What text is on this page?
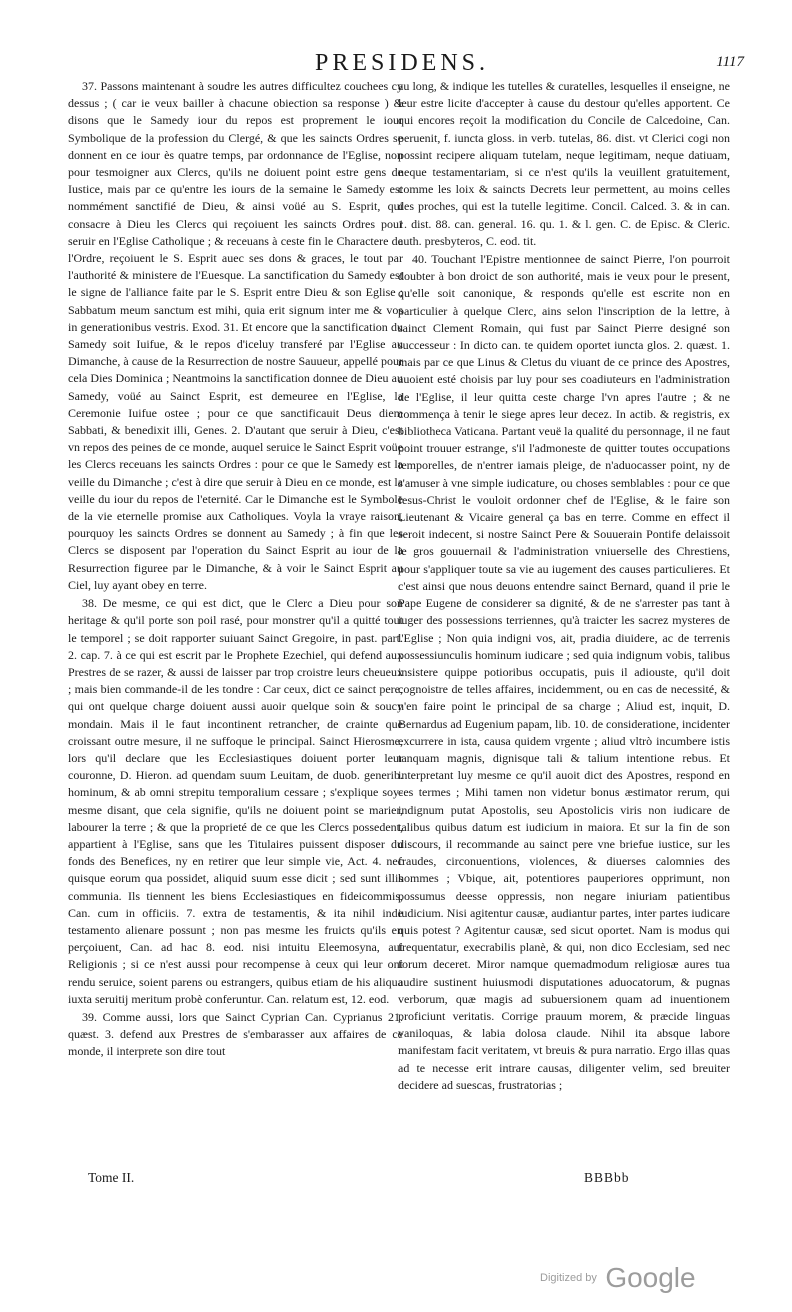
PRESIDENS.	1117

37. Passons maintenant à soudre les autres difficultez couchees cy dessus ; ( car ie veux bailler à chacune obiection sa response ) & disons que le Samedy iour du repos est proprement le iour Symbolique de la profession du Clergé, & que les saincts Ordres se donnent en ce iour ès quatre temps, par ordonnance de l'Eglise, non pour tesmoigner aux Clercs, qu'ils ne doiuent point estre gens de Iustice, mais par ce qu'entre les iours de la semaine le Samedy est nommément sanctifié de Dieu, & ainsi voüé au S. Esprit, qui consacre à Dieu les Clercs qui reçoiuent les saincts Ordres pour seruir en l'Eglise Catholique ; & receuans à ceste fin le Charactere de l'Ordre, reçoiuent le S. Esprit auec ses dons & graces, le tout par l'authorité & ministere de l'Euesque. La sanctification du Samedy est le signe de l'alliance faite par le S. Esprit entre Dieu & son Eglise ; Sabbatum meum sanctum est mihi, quia erit signum inter me & vos in generationibus vestris. Exod. 31. Et encore que la sanctification du Samedy soit Iuifue, & le repos d'iceluy transferé par l'Eglise au Dimanche, à cause de la Resurrection de nostre Sauueur, appellé pour cela Dies Dominica ; Neantmoins la sanctification donnee de Dieu au Samedy, voüé au Sainct Esprit, est demeuree en l'Eglise, la Ceremonie Iuifue ostee ; pour ce que sanctificauit Deus diem Sabbati, & benedixit illi, Genes. 2. D'autant que seruir à Dieu, c'est vn repos des peines de ce monde, auquel seruice le Sainct Esprit voüe les Clercs receuans les saincts Ordres : pour ce que le Samedy est la veille du Dimanche ; c'est à dire que seruir à Dieu en ce monde, est la veille du iour du repos de l'eternité. Car le Dimanche est le Symbole de la vie eternelle promise aux Catholiques. Voyla la vraye raison, pourquoy les saincts Ordres se donnent au Samedy ; à fin que les Clercs se disposent par l'operation du Sainct Esprit au iour de la Resurrection figuree par le Dimanche, & à voir le Sainct Esprit au Ciel, luy ayant obey en terre.

38. De mesme, ce qui est dict, que le Clerc a Dieu pour son heritage & qu'il porte son poil rasé, pour monstrer qu'il a quitté tout le temporel ; se doit rapporter suiuant Sainct Gregoire, in past. part. 2. cap. 7. à ce qui est escrit par le Prophete Ezechiel, qui defend aux Prestres de se razer, & aussi de laisser par trop croistre leurs cheueux ; mais bien commande-il de les tondre : Car ceux, dict ce sainct pere, qui ont quelque charge doiuent aussi auoir quelque soin & soucy mondain. Mais il le faut incontinent retrancher, de crainte que croissant outre mesure, il ne suffoque le principal. Sainct Hierosme, lors qu'il declare que les Ecclesiastiques doiuent porter leur couronne, D. Hieron. ad quendam suum Leuitam, de duob. generib. hominum, & ab omni strepitu temporalium cessare ; s'explique soy-mesme disant, que cela signifie, qu'ils ne doiuent point se marier, labourer la terre ; & que la proprieté de ce que les Clercs possedent, appartient à l'Eglise, sans que les Titulaires puissent disposer du fonds des Benefices, ny en retirer que leur simple vie, Act. 4. nec quisque eorum qua possidet, aliquid suum esse dicit ; sed sunt illis communia. Ils tiennent les biens Ecclesiastiques en fideicommis, Can. cum in officiis. 7. extra de testamentis, & ita nihil inde testamento alienare possunt ; non pas mesme les fruicts qu'ils en perçoiuent, Can. ad hac 8. eod. nisi intuitu Eleemosyna, aut Religionis ; si ce n'est aussi pour recompense à ceux qui leur ont rendu seruice, soient parens ou estrangers, quibus etiam de his aliqua iuxta seruitij meritum probè conferuntur. Can. relatum est, 12. eod.

39. Comme aussi, lors que Sainct Cyprian Can. Cyprianus 21. quæst. 3. defend aux Prestres de s'embarasser aux affaires de ce monde, il interprete son dire tout

au long, & indique les tutelles & curatelles, lesquelles il enseigne, ne leur estre licite d'accepter à cause du destour qu'elles apportent. Ce qui encores reçoit la modification du Concile de Calcedoine, Can. peruenit, f. iuncta gloss. in verb. tutelas, 86. dist. vt Clerici cogi non possint recipere aliquam tutelam, neque legitimam, neque datiuam, neque testamentariam, si ce n'est qu'ils la veuillent gratuitement, comme les loix & saincts Decrets leur permettent, au moins celles des proches, qui est la tutelle legitime. Concil. Calced. 3. & in can. 1. dist. 88. can. general. 16. qu. 1. & l. gen. C. de Episc. & Cleric. auth. presbyteros, C. eod. tit.

40. Touchant l'Epistre mentionnee de sainct Pierre, l'on pourroit doubter à bon droict de son authorité, mais ie veux pour le present, qu'elle soit canonique, & responds qu'elle est escrite non en particulier à quelque Clerc, ains selon l'inscription de la lettre, à sainct Clement Romain, qui fust par Sainct Pierre designé son successeur : In dicto can. te quidem oportet iuncta glos. 2. quæst. 1. mais par ce que Linus & Cletus du viuant de ce prince des Apostres, auoient esté choisis par luy pour ses coadiuteurs en l'administration de l'Eglise, il leur quitta ceste charge l'vn apres l'autre ; & ne commença à tenir le siege apres leur decez. In actib. & registris, ex bibliotheca Vaticana. Partant veuë la qualité du personnage, il ne faut point trouuer estrange, s'il l'admoneste de quitter toutes occupations temporelles, de n'entrer iamais pleige, de n'aduocasser point, ny de s'amuser à vne simple iudicature, ou choses semblables : pour ce que Iesus-Christ le vouloit ordonner chef de l'Eglise, & le faire son Lieutenant & Vicaire general ça bas en terre. Comme en effect il seroit indecent, si nostre Sainct Pere & Souuerain Pontife delaissoit le gros gouuernail & l'administration vniuerselle des Chrestiens, pour s'appliquer toute sa vie au iugement des causes particulieres. Et c'est ainsi que nous deuons entendre sainct Bernard, quand il prie le Pape Eugene de considerer sa dignité, & de ne s'arrester pas tant à iuger des possessions terriennes, qu'à traicter les sacrez mysteres de l'Eglise ; Non quia indigni vos, ait, pradia diuidere, ac de terrenis possessiunculis hominum iudicare ; sed quia indignum vobis, talibus insistere quippe potioribus occupatis, puis il adiouste, qu'il doit cognoistre de telles affaires, incidemment, ou en cas de necessité, & n'en faire point le principal de sa charge ; Aliud est, inquit, D. Bernardus ad Eugenium papam, lib. 10. de consideratione, incidenter excurrere in ista, causa quidem vrgente ; aliud vltrò incumbere istis tanquam magnis, dignisque tali & talium intentione rebus. Et interpretant luy mesme ce qu'il auoit dict des Apostres, respond en ces termes ; Mihi tamen non videtur bonus æstimator rerum, qui indignum putat Apostolis, seu Apostolicis viris non iudicare de talibus quibus datum est iudicium in maiora. Et sur la fin de son discours, il recommande au sainct pere vne briefue iustice, sur les fraudes, circonuentions, violences, & diuerses calomnies des hommes ; Vbique, ait, potentiores pauperiores opprimunt, non possumus deesse oppressis, non negare iniuriam patientibus iudicium. Nisi agitentur causæ, audiantur partes, inter partes iudicare quis potest ? Agitentur causæ, sed sicut oportet. Nam is modus qui frequentatur, execrabilis planè, & qui, non dico Ecclesiam, sed nec forum deceret. Miror namque quemadmodum religiosæ aures tua audire sustinent huiusmodi disputationes aduocatorum, & pugnas verborum, quæ magis ad subuersionem quam ad inuentionem proficiunt veritatis. Corrige prauum morem, & præcide linguas vaniloquas, & labia dolosa claude. Nihil ita absque labore manifestam facit veritatem, vt breuis & pura narratio. Ergo illas quas ad te necesse erit intrare causas, diligenter velim, sed breuiter decidere ad suescas, frustratorias ;

Tome II.	BBBbb
Digitized by Google
